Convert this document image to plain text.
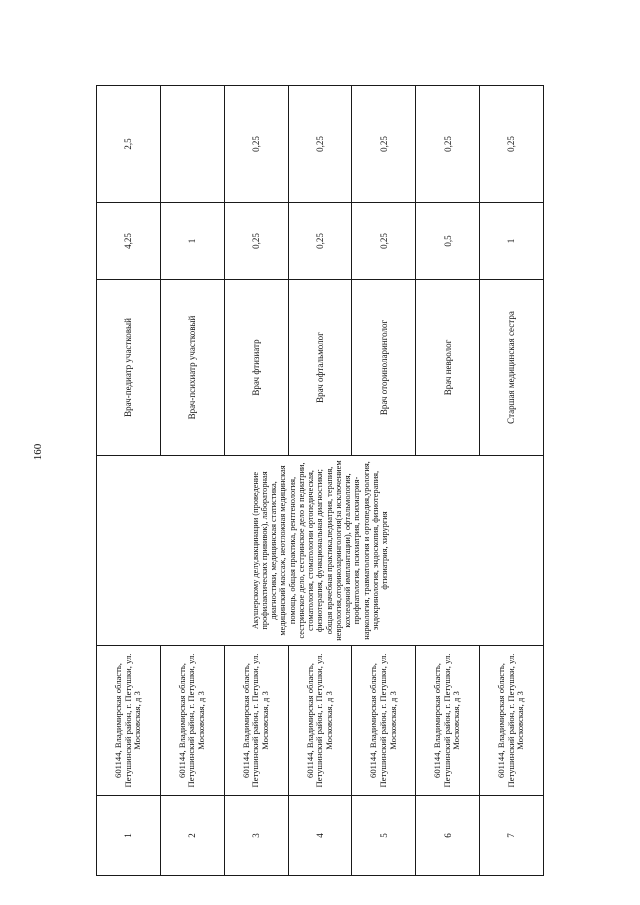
160
1	601144, Владимирская область, Петушинский район, г. Петушки, ул. Московская, д 3	Акушерскому делу,вакцинации (проведение профилактических прививок), лабораторная диагностики, медицинская статистика, медицинский массаж, неотложная медицинская помощь, общая практика, рентгенология, сестринское дело, сестринское дело в педиатрии, стоматология, стоматологии ортопедическая, физиотерапия, функциональная диагностики; общая врачебная практика,педиатрия, терапия, неврология,оториноларингология(за исключением кохлеарной имплантации), офтальмология, профпатология, психиатрия, психиатрия-наркология, травматология и ортопедия,урология, эндокринология, эндоскопия, физиотерапия, фтизиатрия, хирургия	Врач-педиатр участковый	4,25	2,5
2	601144, Владимирская область, Петушинский район, г. Петушки, ул. Московская, д 3		Врач-психиатр участковый	1	
3	601144, Владимирская область, Петушинский район, г. Петушки, ул. Московская, д 3		Врач фтизиатр	0,25	0,25
4	601144, Владимирская область, Петушинский район, г. Петушки, ул. Московская, д 3		Врач офтальмолог	0,25	0,25
5	601144, Владимирская область, Петушинский район, г. Петушки, ул. Московская, д 3		Врач оториноларинголог	0,25	0,25
6	601144, Владимирская область, Петушинский район, г. Петушки, ул. Московская, д 3		Врач невролог	0,5	0,25
7	601144, Владимирская область, Петушинский район, г. Петушки, ул. Московская, д 3		Старшая медицинская сестра	1	0,25
